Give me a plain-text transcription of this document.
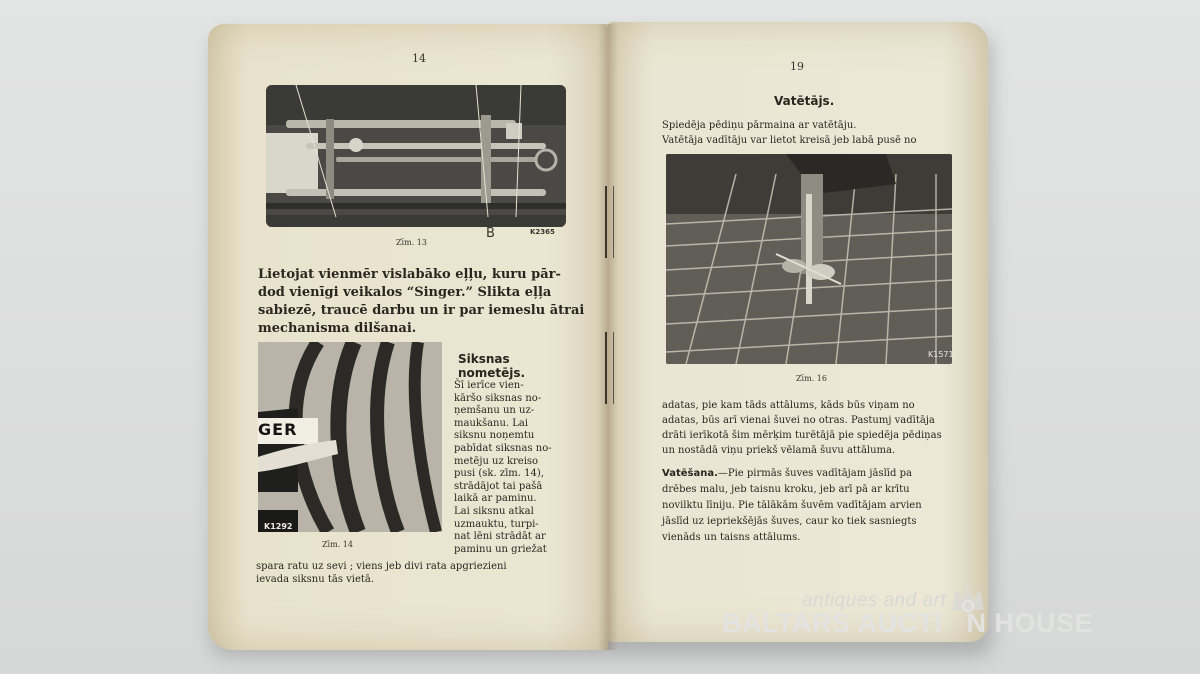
14
Zīm. 13
B	K2365
Lietojat vienmēr vislabāko eļļu, kuru pār-
dod vienīgi veikalos “Singer.” Slikta eļļa
sabiezē, traucē darbu un ir par iemeslu ātrai
mechanisma dilšanai.
GER
K1292
Zīm. 14
Siksnas
nometējs.
Šī ierīce vien-
kāršo siksnas no-
ņemšanu un uz-
maukšanu. Lai
siksnu noņemtu
pabīdat siksnas no-
metēju uz kreiso
pusi (sk. zīm. 14),
strādājot tai pašā
laikā ar paminu.
Lai siksnu atkal
uzmauktu, turpi-
nat lēni strādāt ar
paminu un griežat
spara ratu uz sevi ; viens jeb divi rata apgriezieni
ievada siksnu tās vietā.
19
Vatētājs.
Spiedēja pēdiņu pārmaina ar vatētāju.
Vatētāja vadītāju var lietot kreisā jeb labā pusē no
K1571
Zīm. 16
adatas, pie kam tāds attālums, kāds būs viņam no
adatas, būs arī vienai šuvei no otras. Pastumj vadītāja
drāti ierīkotā šim mērķim turētājā pie spiedēja pēdiņas
un nostādā viņu priekš vēlamā šuvu attāluma.
Vatēšana.—Pie pirmās šuves vadītājam jāslīd pa
drēbes malu, jeb taisnu kroku, jeb arī pā ar krītu
novilktu līniju. Pie tālākām šuvēm vadītājam arvien
jāslīd uz iepriekšējās šuves, caur ko tiek sasniegts
vienāds un taisns attālums.
antiques and art
BALTARS AUCTI N HOUSE
